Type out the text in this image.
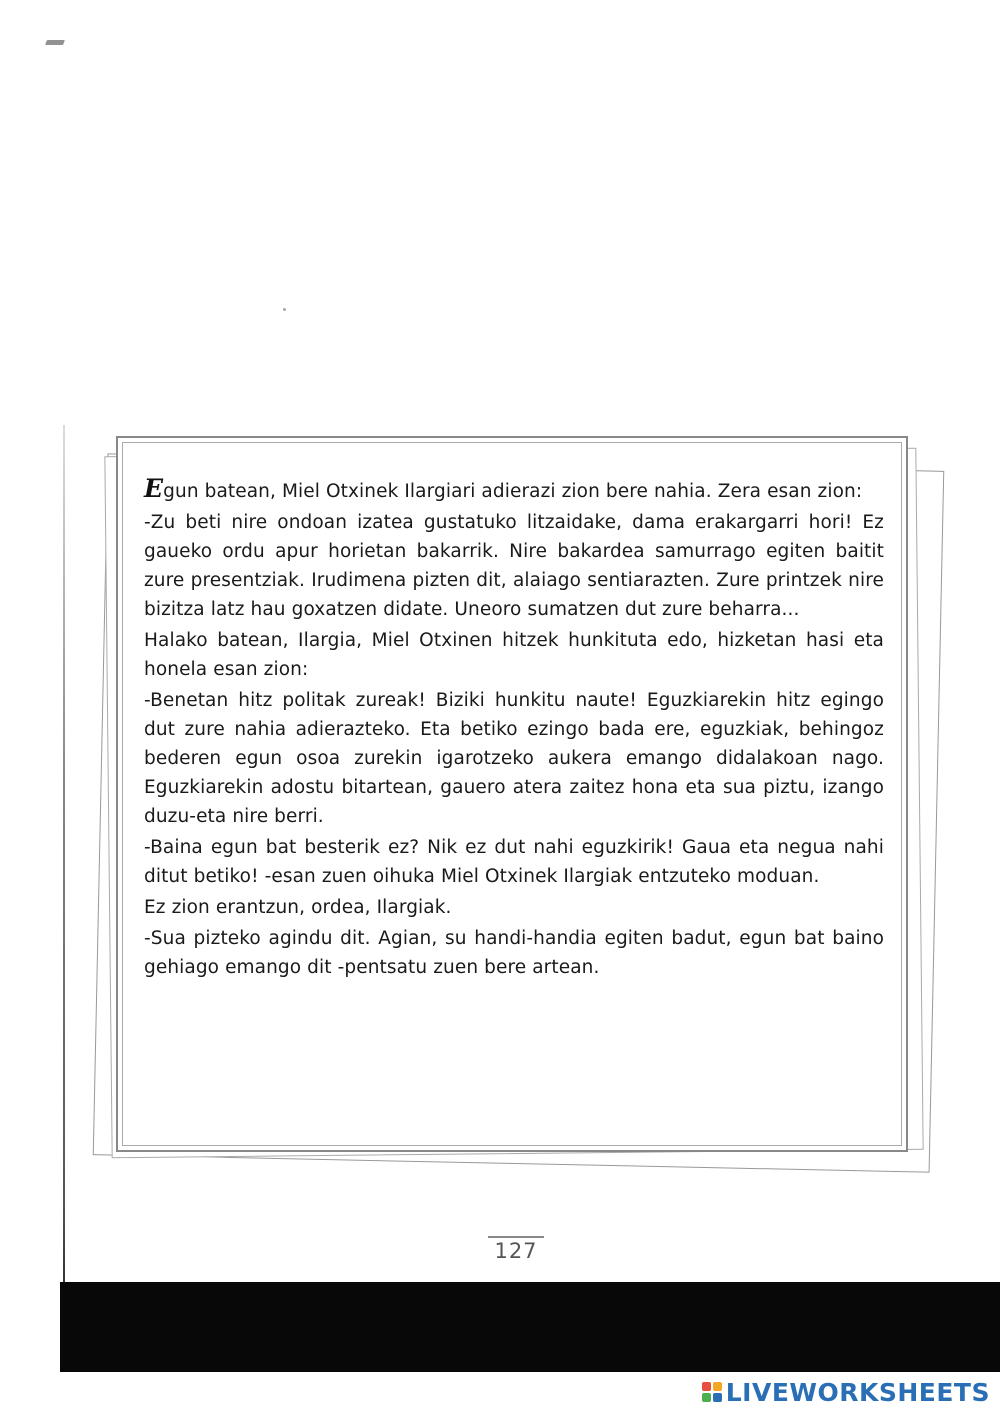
Egun batean, Miel Otxinek Ilargiari adierazi zion bere nahia. Zera esan zion:

-Zu beti nire ondoan izatea gustatuko litzaidake, dama erakargarri hori! Ez gaueko ordu apur horietan bakarrik. Nire bakardea samurrago egiten baitit zure presentziak. Irudimena pizten dit, alaiago sentiarazten. Zure printzek nire bizitza latz hau goxatzen didate. Uneoro sumatzen dut zure beharra...

Halako batean, Ilargia, Miel Otxinen hitzek hunkituta edo, hizketan hasi eta honela esan zion:

-Benetan hitz politak zureak! Biziki hunkitu naute! Eguzkiarekin hitz egingo dut zure nahia adierazteko. Eta betiko ezingo bada ere, eguzkiak, behingoz bederen egun osoa zurekin igarotzeko aukera emango didalakoan nago. Eguzkiarekin adostu bitartean, gauero atera zaitez hona eta sua piztu, izango duzu-eta nire berri.

-Baina egun bat besterik ez? Nik ez dut nahi eguzkirik! Gaua eta negua nahi ditut betiko! -esan zuen oihuka Miel Otxinek Ilargiak entzuteko moduan.

Ez zion erantzun, ordea, Ilargiak.

-Sua pizteko agindu dit. Agian, su handi-handia egiten badut, egun bat baino gehiago emango dit -pentsatu zuen bere artean.

127
LIVEWORKSHEETS
